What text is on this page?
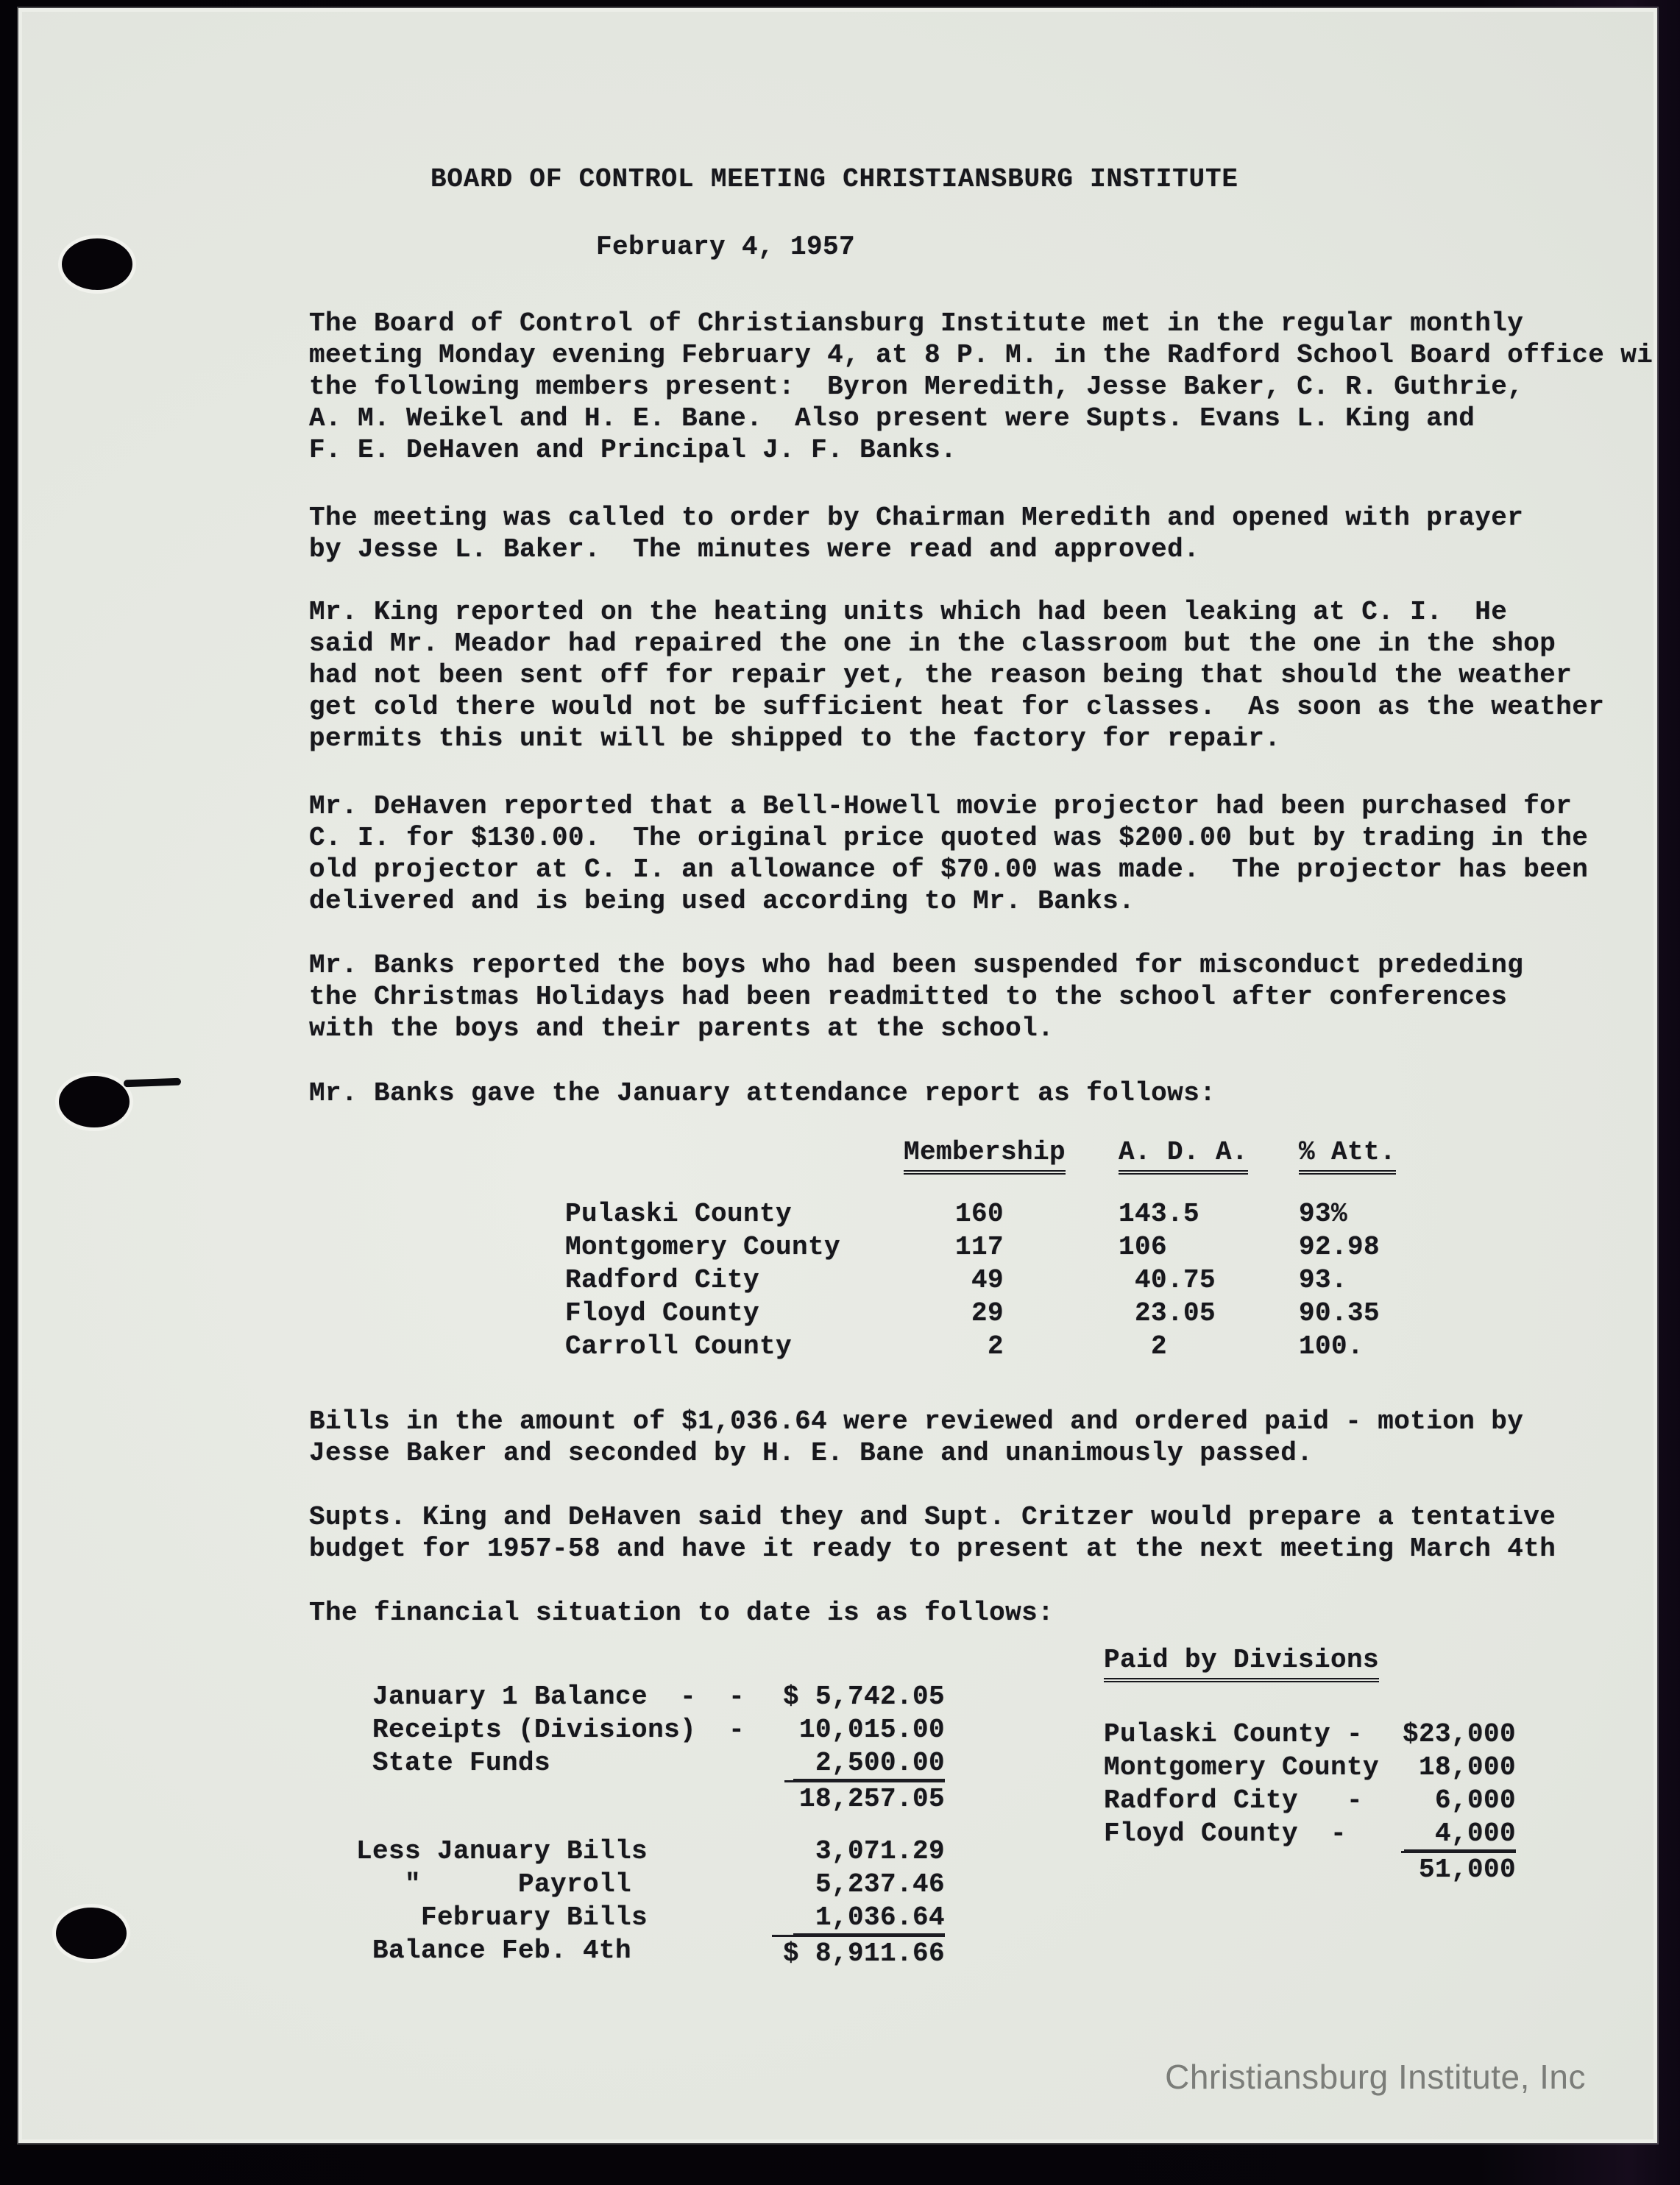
BOARD OF CONTROL MEETING CHRISTIANSBURG INSTITUTE
February 4, 1957
The Board of Control of Christiansburg Institute met in the regular monthly
meeting Monday evening February 4, at 8 P. M. in the Radford School Board office wi
the following members present:  Byron Meredith, Jesse Baker, C. R. Guthrie,
A. M. Weikel and H. E. Bane.  Also present were Supts. Evans L. King and
F. E. DeHaven and Principal J. F. Banks.
The meeting was called to order by Chairman Meredith and opened with prayer
by Jesse L. Baker.  The minutes were read and approved.
Mr. King reported on the heating units which had been leaking at C. I.  He
said Mr. Meador had repaired the one in the classroom but the one in the shop
had not been sent off for repair yet, the reason being that should the weather
get cold there would not be sufficient heat for classes.  As soon as the weather
permits this unit will be shipped to the factory for repair.
Mr. DeHaven reported that a Bell-Howell movie projector had been purchased for
C. I. for $130.00.  The original price quoted was $200.00 but by trading in the
old projector at C. I. an allowance of $70.00 was made.  The projector has been
delivered and is being used according to Mr. Banks.
Mr. Banks reported the boys who had been suspended for misconduct prededing
the Christmas Holidays had been readmitted to the school after conferences
with the boys and their parents at the school.
Mr. Banks gave the January attendance report as follows:
Membership A. D. A. % Att.
Pulaski County	160	143.5	93%
Montgomery County	117	106	92.98
Radford City	49	40.75	93.
Floyd County	29	23.05	90.35
Carroll County	2	2	100.
Bills in the amount of $1,036.64 were reviewed and ordered paid - motion by
Jesse Baker and seconded by H. E. Bane and unanimously passed.
Supts. King and DeHaven said they and Supt. Critzer would prepare a tentative
budget for 1957-58 and have it ready to present at the next meeting March 4th
The financial situation to date is as follows:
January 1 Balance  -  - $ 5,742.05
Receipts (Divisions)  - 10,015.00
State Funds	2,500.00
18,257.05
Less January Bills	3,071.29
"      Payroll	5,237.46
February Bills	1,036.64
Balance Feb. 4th	$ 8,911.66
Paid by Divisions
Pulaski County - $23,000
Montgomery County 18,000
Radford City   -	6,000
Floyd County  -	4,000
51,000
Christiansburg Institute, Inc
